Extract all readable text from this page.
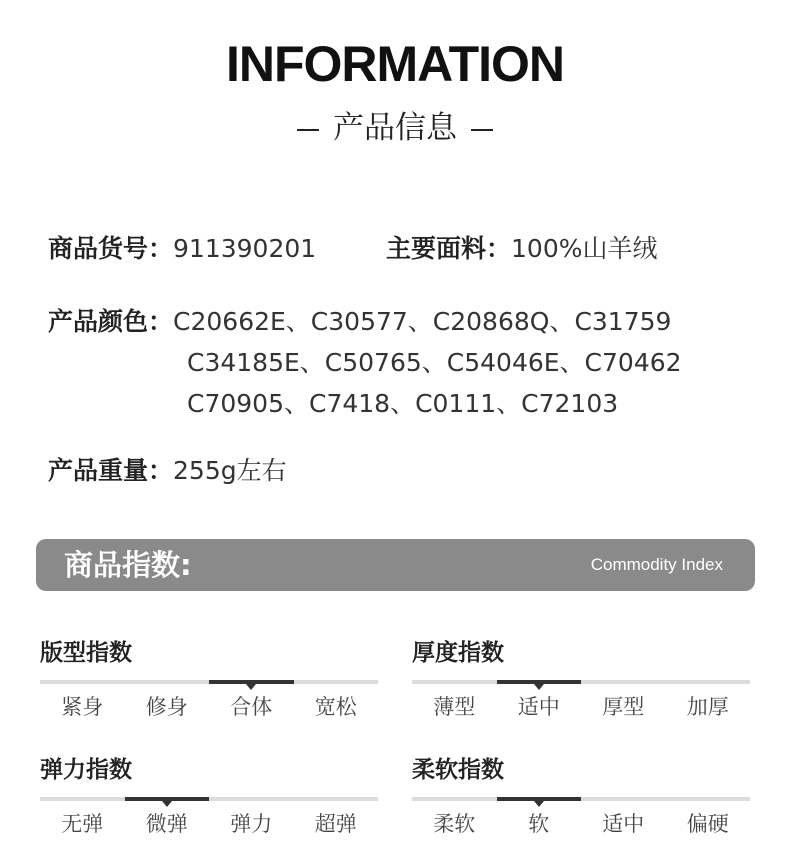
INFORMATION
产品信息
商品货号：911390201	主要面料：100%山羊绒
产品颜色：C20662E、C30577、C20868Q、C31759
C34185E、C50765、C54046E、C70462
C70905、C7418、C0111、C72103
产品重量：255g左右
商品指数:	Commodity Index
版型指数
紧身	修身	合体	宽松
厚度指数
薄型	适中	厚型	加厚
弹力指数
无弹	微弹	弹力	超弹
柔软指数
柔软	软	适中	偏硬
